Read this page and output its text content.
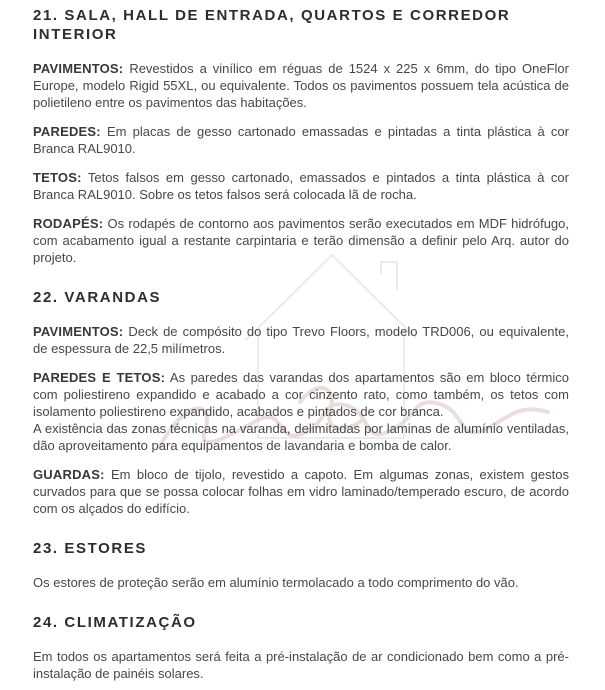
21. SALA, HALL DE ENTRADA, QUARTOS E CORREDOR INTERIOR

PAVIMENTOS: Revestidos a vinílico em réguas de 1524 x 225 x 6mm, do tipo OneFlor Europe, modelo Rigid 55XL, ou equivalente. Todos os pavimentos possuem tela acústica de polietileno entre os pavimentos das habitações.

PAREDES: Em placas de gesso cartonado emassadas e pintadas a tinta plástica à cor Branca RAL9010.

TETOS: Tetos falsos em gesso cartonado, emassados e pintados a tinta plástica à cor Branca RAL9010. Sobre os tetos falsos será colocada lã de rocha.

RODAPÉS: Os rodapés de contorno aos pavimentos serão executados em MDF hidrófugo, com acabamento igual a restante carpintaria e terão dimensão a definir pelo Arq. autor do projeto.

22. VARANDAS

PAVIMENTOS: Deck de compósito do tipo Trevo Floors, modelo TRD006, ou equivalente, de espessura de 22,5 milímetros.

PAREDES E TETOS: As paredes das varandas dos apartamentos são em bloco térmico com poliestireno expandido e acabado a cor cinzento rato, como também, os tetos com isolamento poliestireno expandido, acabados e pintados de cor branca.
A existência das zonas técnicas na varanda, delimitadas por laminas de alumínio ventiladas, dão aproveitamento para equipamentos de lavandaria e bomba de calor.

GUARDAS: Em bloco de tijolo, revestido a capoto. Em algumas zonas, existem gestos curvados para que se possa colocar folhas em vidro laminado/temperado escuro, de acordo com os alçados do edifício.

23. ESTORES

Os estores de proteção serão em alumínio termolacado a todo comprimento do vão.

24. CLIMATIZAÇÃO

Em todos os apartamentos será feita a pré-instalação de ar condicionado bem como a pré- instalação de painéis solares.
